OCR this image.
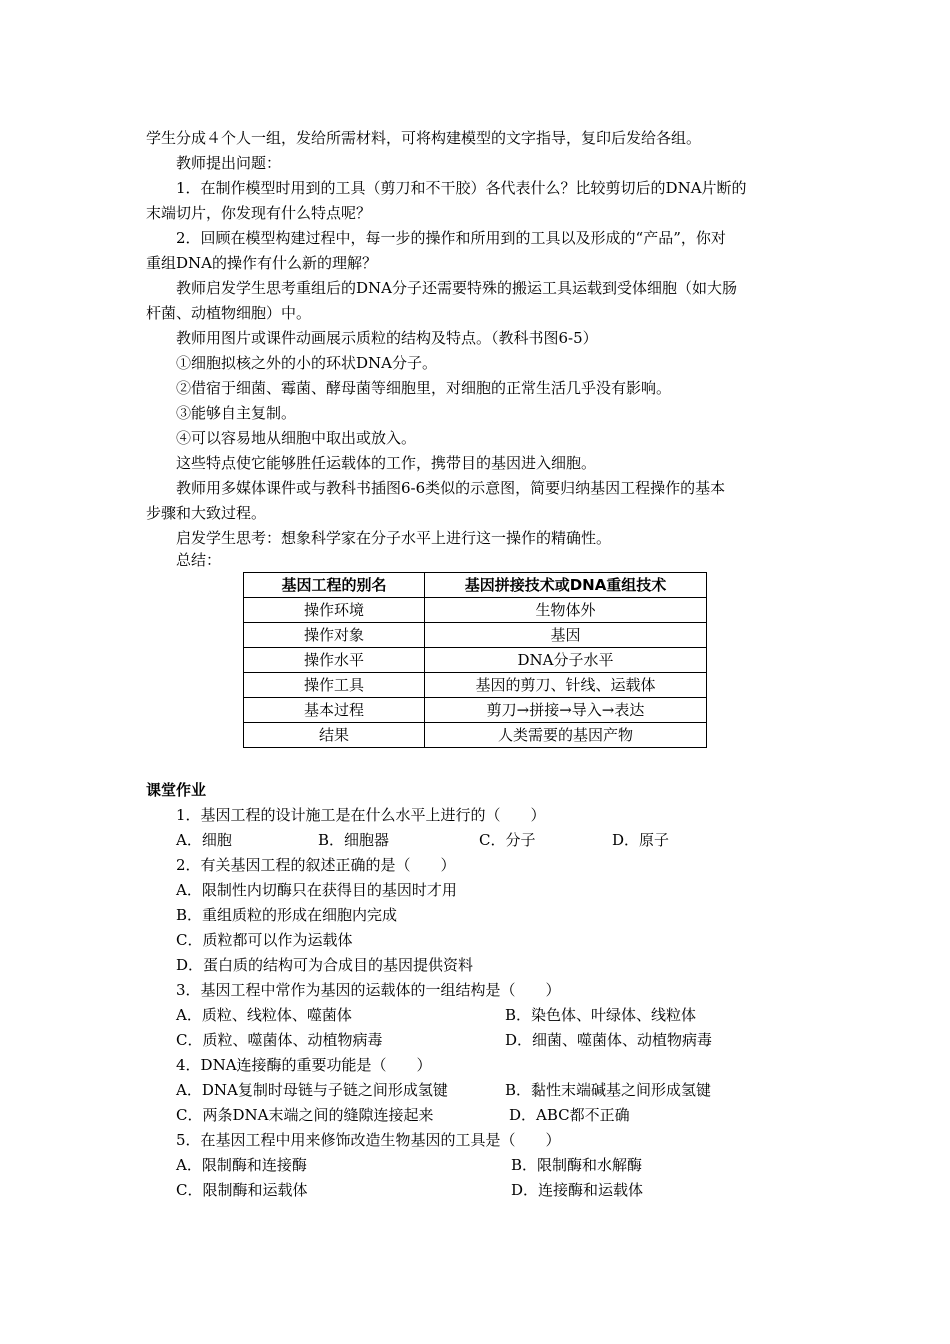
学生分成４个人一组，发给所需材料，可将构建模型的文字指导，复印后发给各组。
教师提出问题：
1．在制作模型时用到的工具（剪刀和不干胶）各代表什么？比较剪切后的DNA片断的
末端切片，你发现有什么特点呢？
2．回顾在模型构建过程中，每一步的操作和所用到的工具以及形成的“产品”，你对
重组DNA的操作有什么新的理解？
教师启发学生思考重组后的DNA分子还需要特殊的搬运工具运载到受体细胞（如大肠
杆菌、动植物细胞）中。
教师用图片或课件动画展示质粒的结构及特点。（教科书图6-5）
①细胞拟核之外的小的环状DNA分子。
②借宿于细菌、霉菌、酵母菌等细胞里，对细胞的正常生活几乎没有影响。
③能够自主复制。
④可以容易地从细胞中取出或放入。
这些特点使它能够胜任运载体的工作，携带目的基因进入细胞。
教师用多媒体课件或与教科书插图6-6类似的示意图，简要归纳基因工程操作的基本
步骤和大致过程。
启发学生思考：想象科学家在分子水平上进行这一操作的精确性。
总结：
基因工程的别名	基因拼接技术或DNA重组技术
操作环境	生物体外
操作对象	基因
操作水平	DNA分子水平
操作工具	基因的剪刀、针线、运载体
基本过程	剪刀→拼接→导入→表达
结果	人类需要的基因产物
课堂作业
1．基因工程的设计施工是在什么水平上进行的（　　）
A．细胞	B．细胞器	C．分子	D．原子
2．有关基因工程的叙述正确的是（　　）
A．限制性内切酶只在获得目的基因时才用
B．重组质粒的形成在细胞内完成
C．质粒都可以作为运载体
D．蛋白质的结构可为合成目的基因提供资料
3．基因工程中常作为基因的运载体的一组结构是（　　）
A．质粒、线粒体、噬菌体	B．染色体、叶绿体、线粒体
C．质粒、噬菌体、动植物病毒	D．细菌、噬菌体、动植物病毒
4．DNA连接酶的重要功能是（　　）
A．DNA复制时母链与子链之间形成氢键	B．黏性末端碱基之间形成氢键
C．两条DNA末端之间的缝隙连接起来	D．ABC都不正确
5．在基因工程中用来修饰改造生物基因的工具是（　　）
A．限制酶和连接酶	B．限制酶和水解酶
C．限制酶和运载体	D．连接酶和运载体
